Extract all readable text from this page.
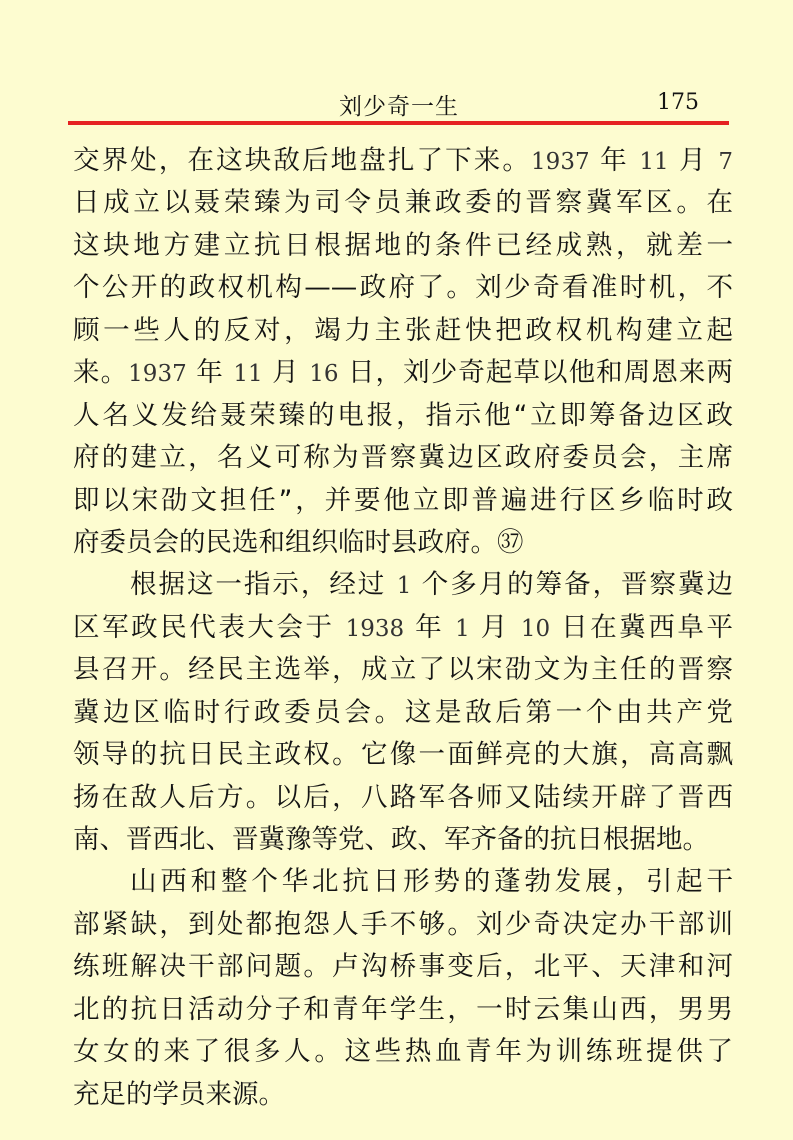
刘少奇一生	175
交界处，在这块敌后地盘扎了下来。1937 年 11 月 7
日成立以聂荣臻为司令员兼政委的晋察冀军区。在
这块地方建立抗日根据地的条件已经成熟，就差一
个公开的政权机构——政府了。刘少奇看准时机，不
顾一些人的反对，竭力主张赶快把政权机构建立起
来。1937 年 11 月 16 日，刘少奇起草以他和周恩来两
人名义发给聂荣臻的电报，指示他“立即筹备边区政
府的建立，名义可称为晋察冀边区政府委员会，主席
即以宋劭文担任”，并要他立即普遍进行区乡临时政
府委员会的民选和组织临时县政府。㊲
根据这一指示，经过 1 个多月的筹备，晋察冀边
区军政民代表大会于 1938 年 1 月 10 日在冀西阜平
县召开。经民主选举，成立了以宋劭文为主任的晋察
冀边区临时行政委员会。这是敌后第一个由共产党
领导的抗日民主政权。它像一面鲜亮的大旗，高高飘
扬在敌人后方。以后，八路军各师又陆续开辟了晋西
南、晋西北、晋冀豫等党、政、军齐备的抗日根据地。
山西和整个华北抗日形势的蓬勃发展，引起干
部紧缺，到处都抱怨人手不够。刘少奇决定办干部训
练班解决干部问题。卢沟桥事变后，北平、天津和河
北的抗日活动分子和青年学生，一时云集山西，男男
女女的来了很多人。这些热血青年为训练班提供了
充足的学员来源。
